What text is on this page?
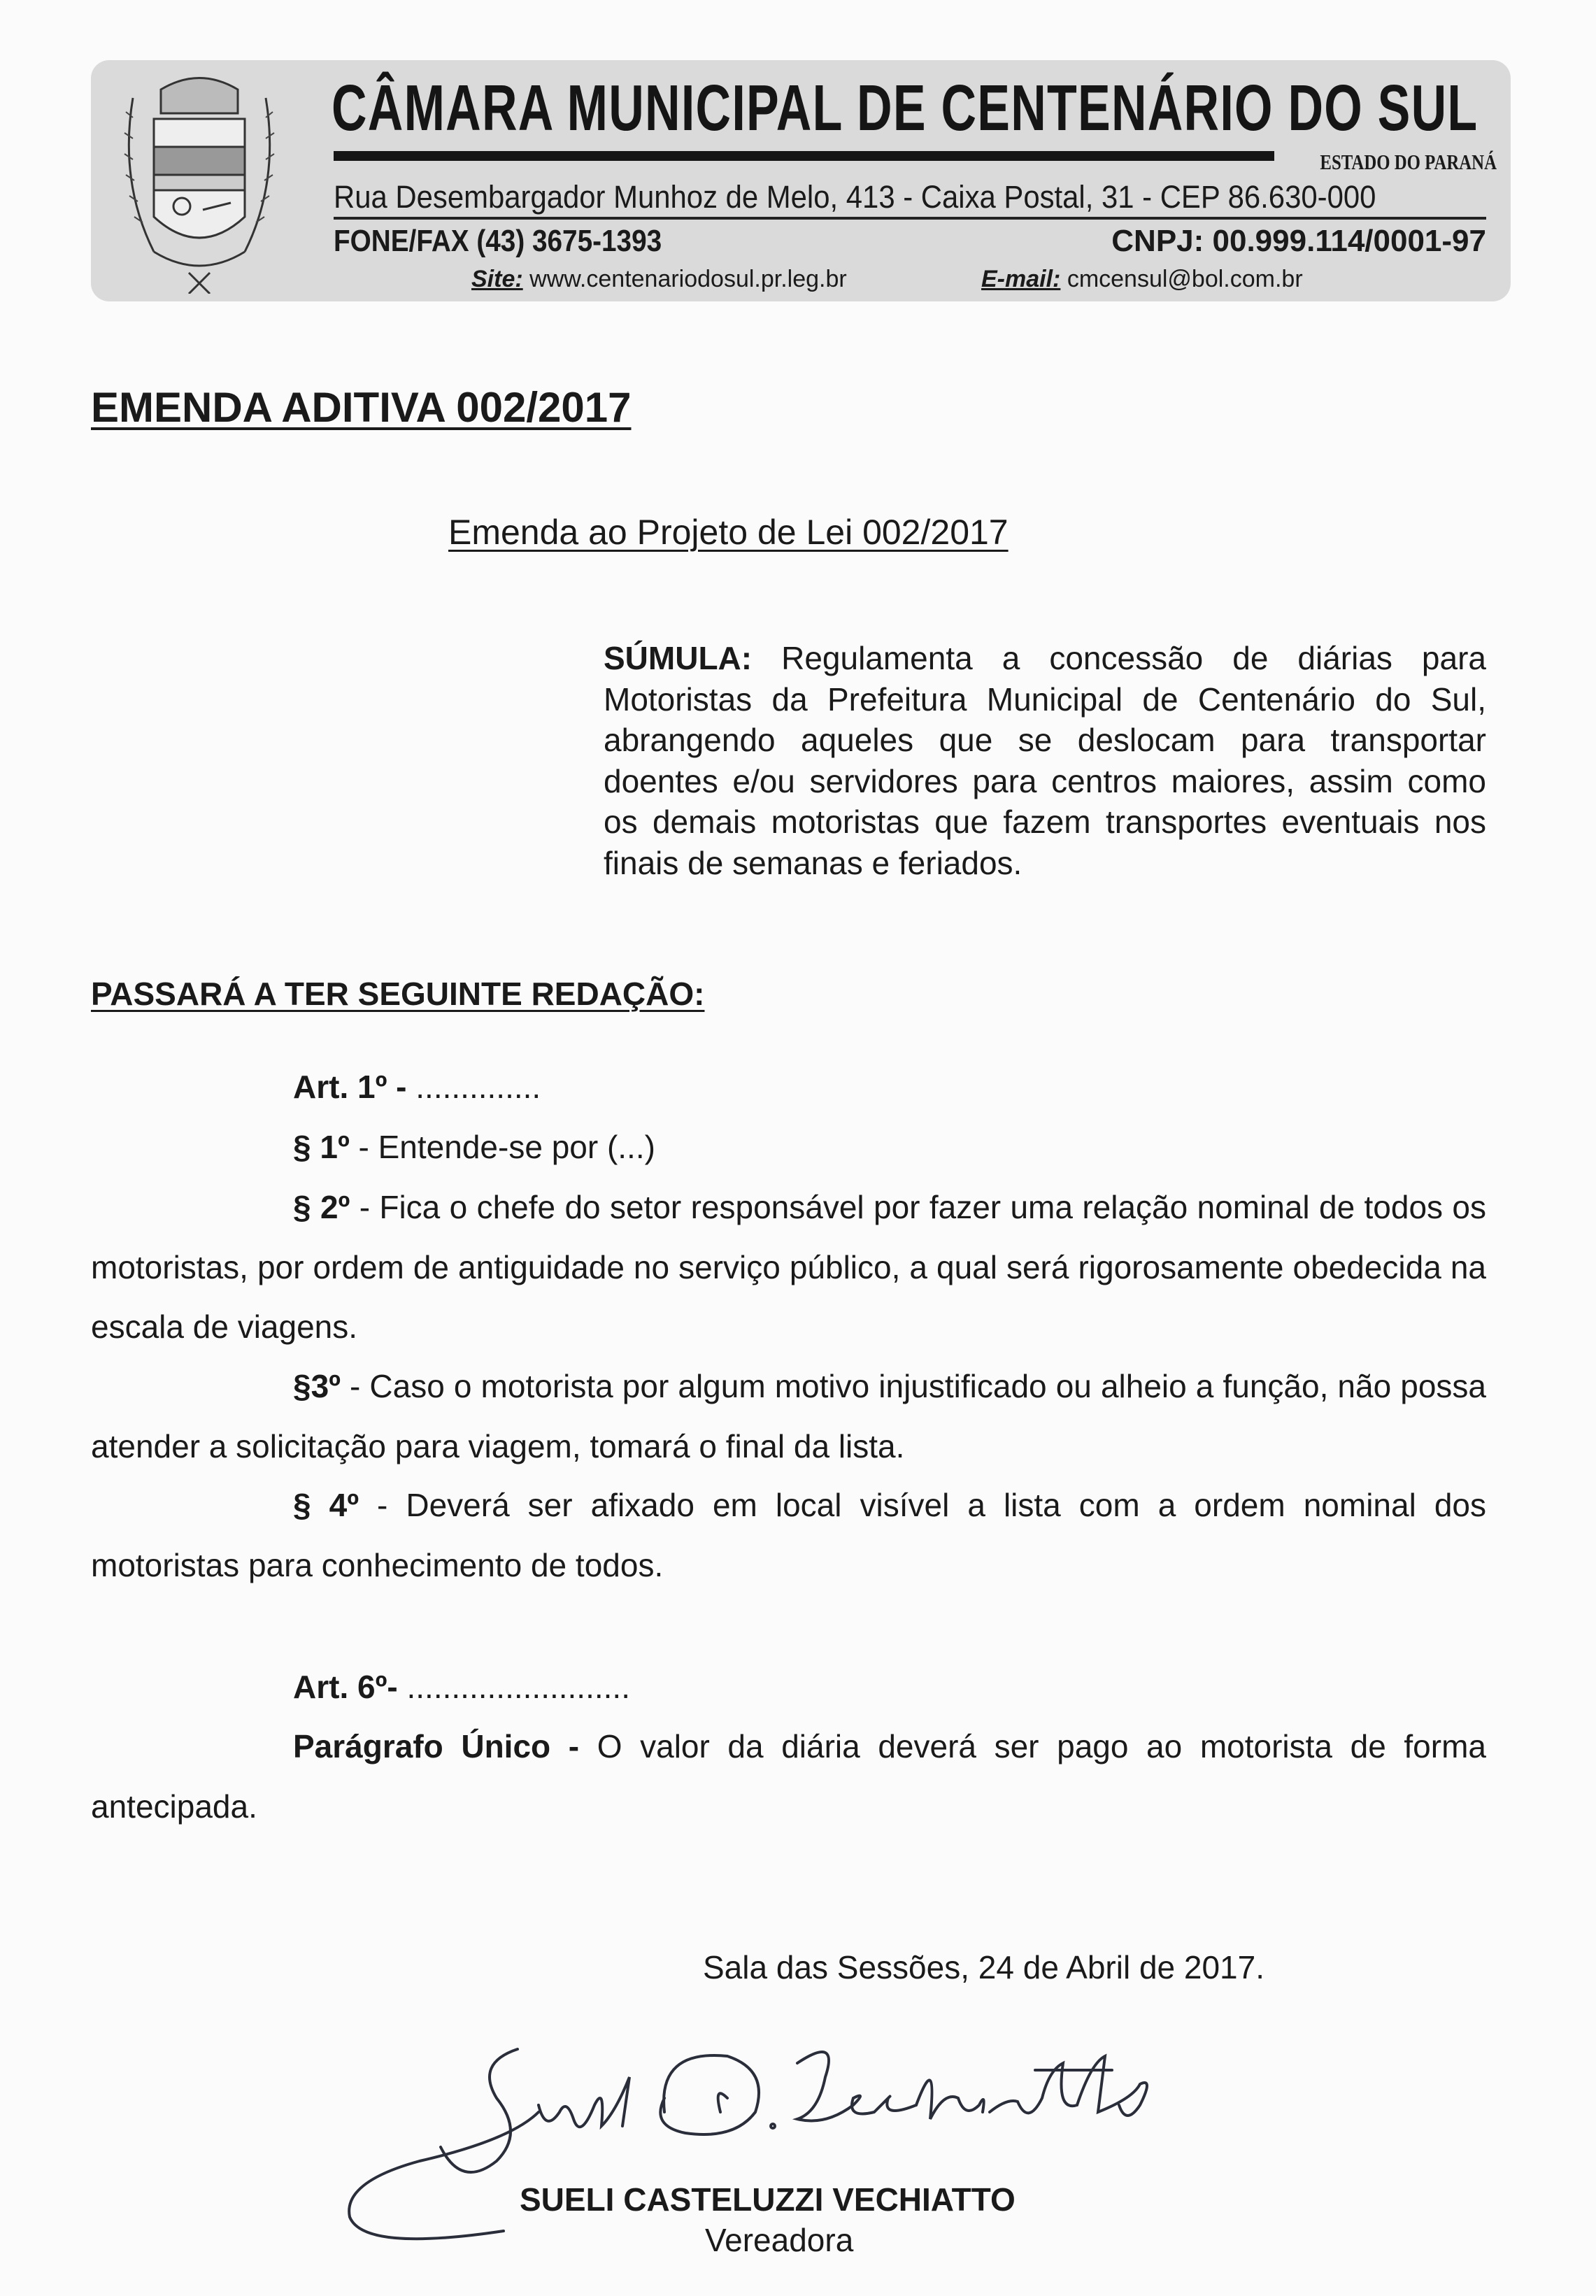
CÂMARA MUNICIPAL DE CENTENÁRIO DO SUL
ESTADO DO PARANÁ
Rua Desembargador Munhoz de Melo, 413 - Caixa Postal, 31 - CEP 86.630-000
FONE/FAX (43) 3675-1393	CNPJ: 00.999.114/0001-97
Site: www.centenariodosul.pr.leg.br	E-mail: cmcensul@bol.com.br
EMENDA ADITIVA 002/2017
Emenda ao Projeto de Lei 002/2017
SÚMULA: Regulamenta a concessão de diárias para Motoristas da Prefeitura Municipal de Centenário do Sul, abrangendo aqueles que se deslocam para transportar doentes e/ou servidores para centros maiores, assim como os demais motoristas que fazem transportes eventuais nos finais de semanas e feriados.
PASSARÁ A TER SEGUINTE REDAÇÃO:
Art. 1º - ..............
§ 1º - Entende-se por (...)
§ 2º - Fica o chefe do setor responsável por fazer uma relação nominal de todos os motoristas, por ordem de antiguidade no serviço público, a qual será rigorosamente obedecida na escala de viagens.
§3º - Caso o motorista por algum motivo injustificado ou alheio a função, não possa atender a solicitação para viagem, tomará o final da lista.
§ 4º - Deverá ser afixado em local visível a lista com a ordem nominal dos motoristas para conhecimento de todos.
Art. 6º- .........................
Parágrafo Único - O valor da diária deverá ser pago ao motorista de forma antecipada.
Sala das Sessões, 24 de Abril de 2017.
SUELI CASTELUZZI VECHIATTO
Vereadora
